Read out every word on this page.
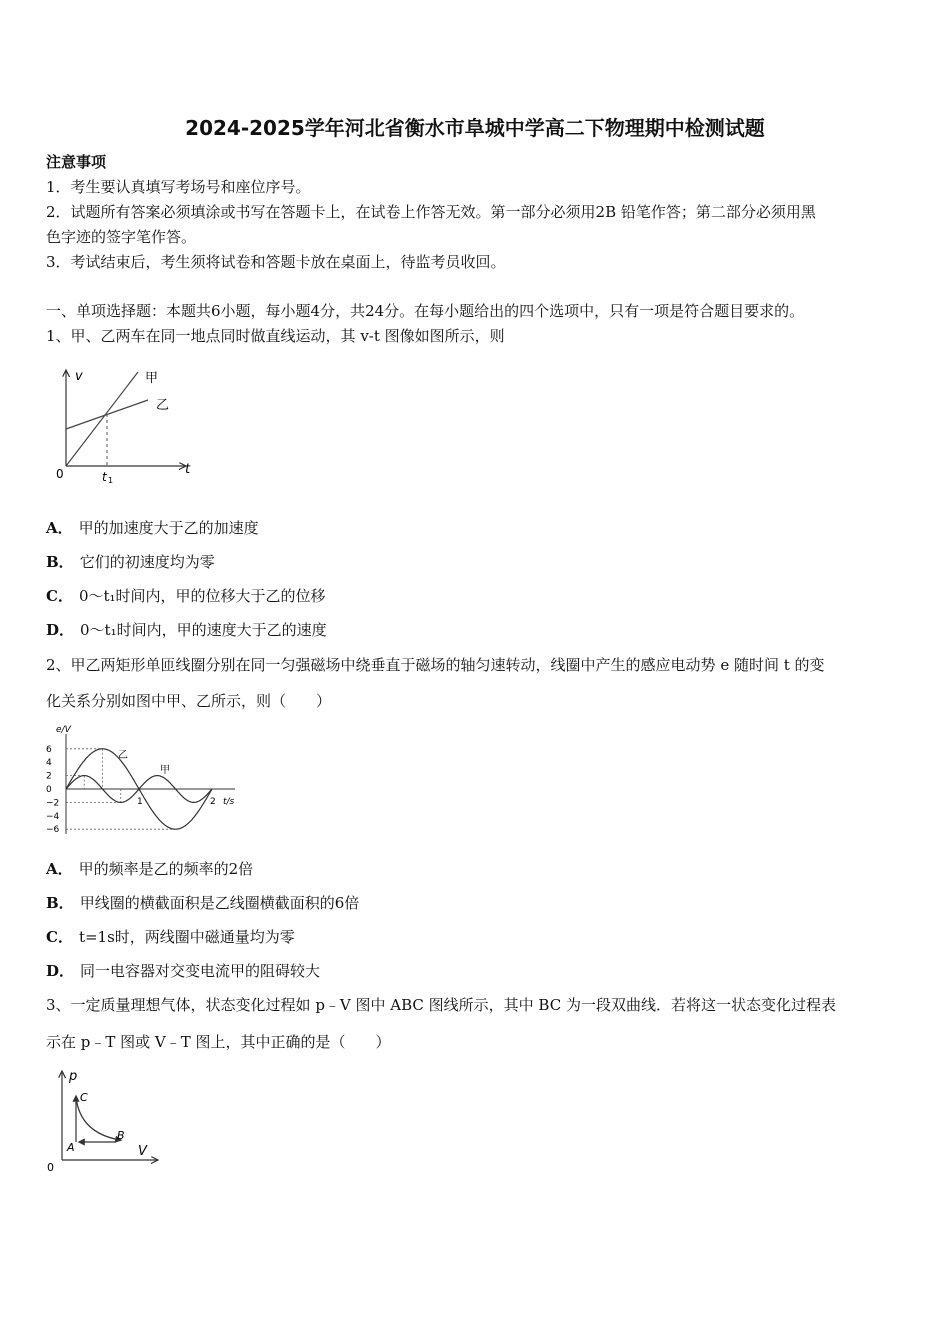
2024-2025学年河北省衡水市阜城中学高二下物理期中检测试题
注意事项
1．考生要认真填写考场号和座位序号。
2．试题所有答案必须填涂或书写在答题卡上，在试卷上作答无效。第一部分必须用2B 铅笔作答；第二部分必须用黑
色字迹的签字笔作答。
3．考试结束后，考生须将试卷和答题卡放在桌面上，待监考员收回。
一、单项选择题：本题共6小题，每小题4分，共24分。在每小题给出的四个选项中，只有一项是符合题目要求的。
1、甲、乙两车在同一地点同时做直线运动，其 v-t 图像如图所示，则
v
t
0	t 1
甲
乙
A． 甲的加速度大于乙的加速度
B． 它们的初速度均为零
C． 0～t₁时间内，甲的位移大于乙的位移
D． 0～t₁时间内，甲的速度大于乙的速度
2、甲乙两矩形单匝线圈分别在同一匀强磁场中绕垂直于磁场的轴匀速转动，线圈中产生的感应电动势 e 随时间 t 的变
化关系分别如图中甲、乙所示，则（　　）
6
4
2
0
−2
−4
−6
e/V
t/s
1	2
乙
甲
A． 甲的频率是乙的频率的2倍
B． 甲线圈的横截面积是乙线圈横截面积的6倍
C． t=1s时，两线圈中磁通量均为零
D． 同一电容器对交变电流甲的阻碍较大
3、一定质量理想气体，状态变化过程如 p﹣V 图中 ABC 图线所示，其中 BC 为一段双曲线．若将这一状态变化过程表
示在 p﹣T 图或 V﹣T 图上，其中正确的是（　　）
p
V
0
C
A
B
